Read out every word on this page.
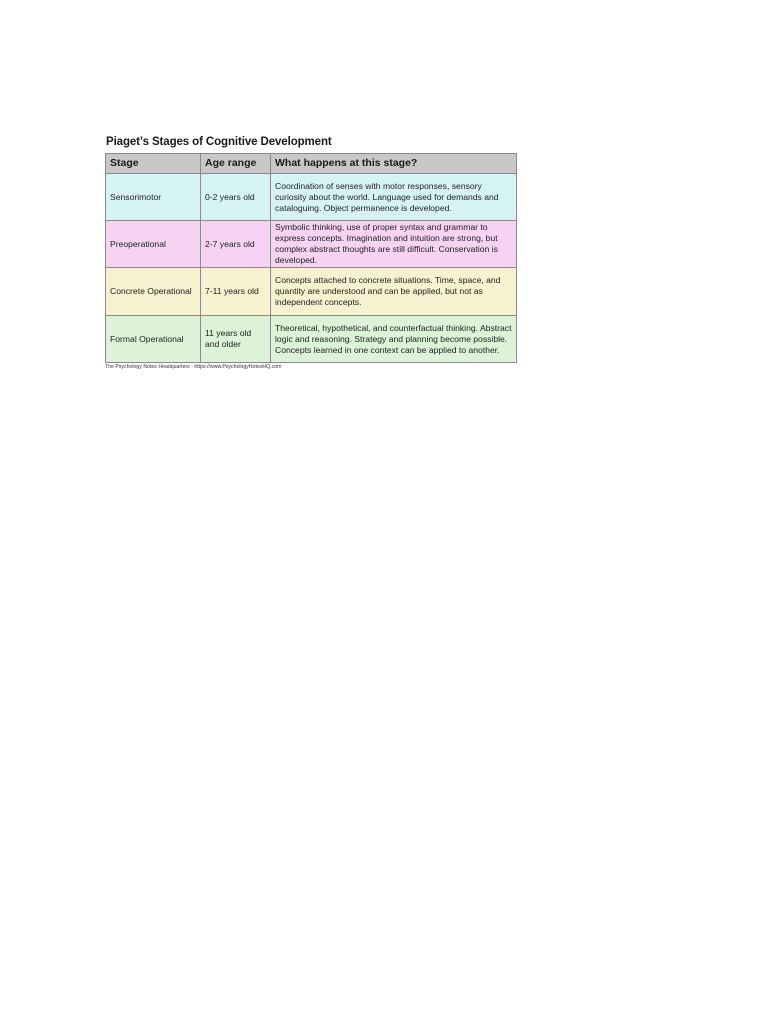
Piaget’s Stages of Cognitive Development
Stage	Age range	What happens at this stage?
Sensorimotor	0-2 years old	Coordination of senses with motor responses, sensory curiosity about the world. Language used for demands and cataloguing. Object permanence is developed.
Preoperational	2-7 years old	Symbolic thinking, use of proper syntax and grammar to express concepts. Imagination and intuition are strong, but complex abstract thoughts are still difficult. Conservation is developed.
Concrete Operational	7-11 years old	Concepts attached to concrete situations. Time, space, and quantity are understood and can be applied, but not as independent concepts.
Formal Operational	11 years old and older	Theoretical, hypothetical, and counterfactual thinking. Abstract logic and reasoning. Strategy and planning become possible. Concepts learned in one context can be applied to another.
The Psychology Notes Headquarters - https://www.PsychologyNotesHQ.com
